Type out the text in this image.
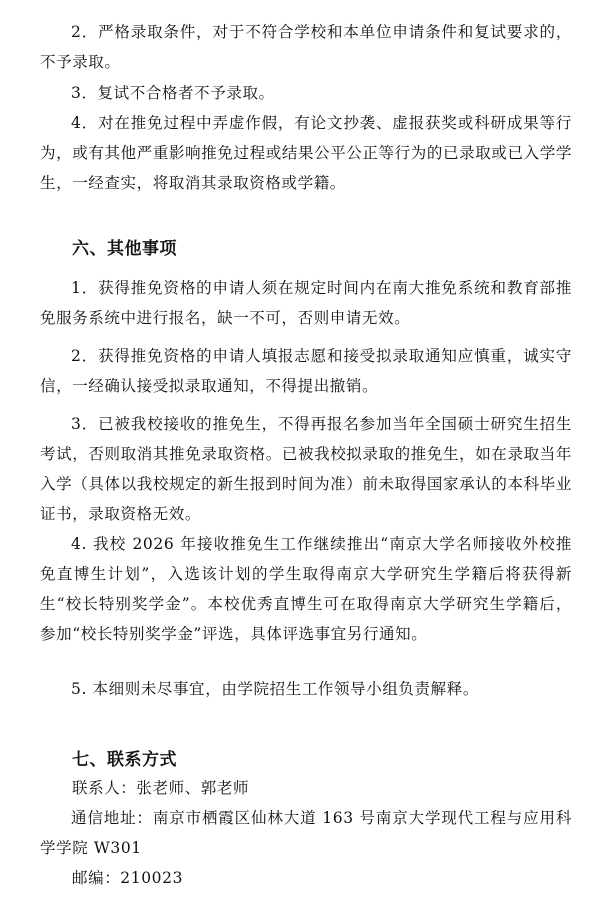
2．严格录取条件，对于不符合学校和本单位申请条件和复试要求的，不予录取。

3．复试不合格者不予录取。

4．对在推免过程中弄虚作假，有论文抄袭、虚报获奖或科研成果等行为，或有其他严重影响推免过程或结果公平公正等行为的已录取或已入学学生，一经查实，将取消其录取资格或学籍。

六、其他事项

1．获得推免资格的申请人须在规定时间内在南大推免系统和教育部推免服务系统中进行报名，缺一不可，否则申请无效。

2．获得推免资格的申请人填报志愿和接受拟录取通知应慎重，诚实守信，一经确认接受拟录取通知，不得提出撤销。

3．已被我校接收的推免生，不得再报名参加当年全国硕士研究生招生考试，否则取消其推免录取资格。已被我校拟录取的推免生，如在录取当年入学（具体以我校规定的新生报到时间为准）前未取得国家承认的本科毕业证书，录取资格无效。

4. 我校 2026 年接收推免生工作继续推出“南京大学名师接收外校推免直博生计划”，入选该计划的学生取得南京大学研究生学籍后将获得新生“校长特别奖学金”。本校优秀直博生可在取得南京大学研究生学籍后，参加“校长特别奖学金”评选，具体评选事宜另行通知。

5. 本细则未尽事宜，由学院招生工作领导小组负责解释。

七、联系方式

联系人：张老师、郭老师

通信地址：南京市栖霞区仙林大道 163 号南京大学现代工程与应用科学学院 W301

邮编：210023
